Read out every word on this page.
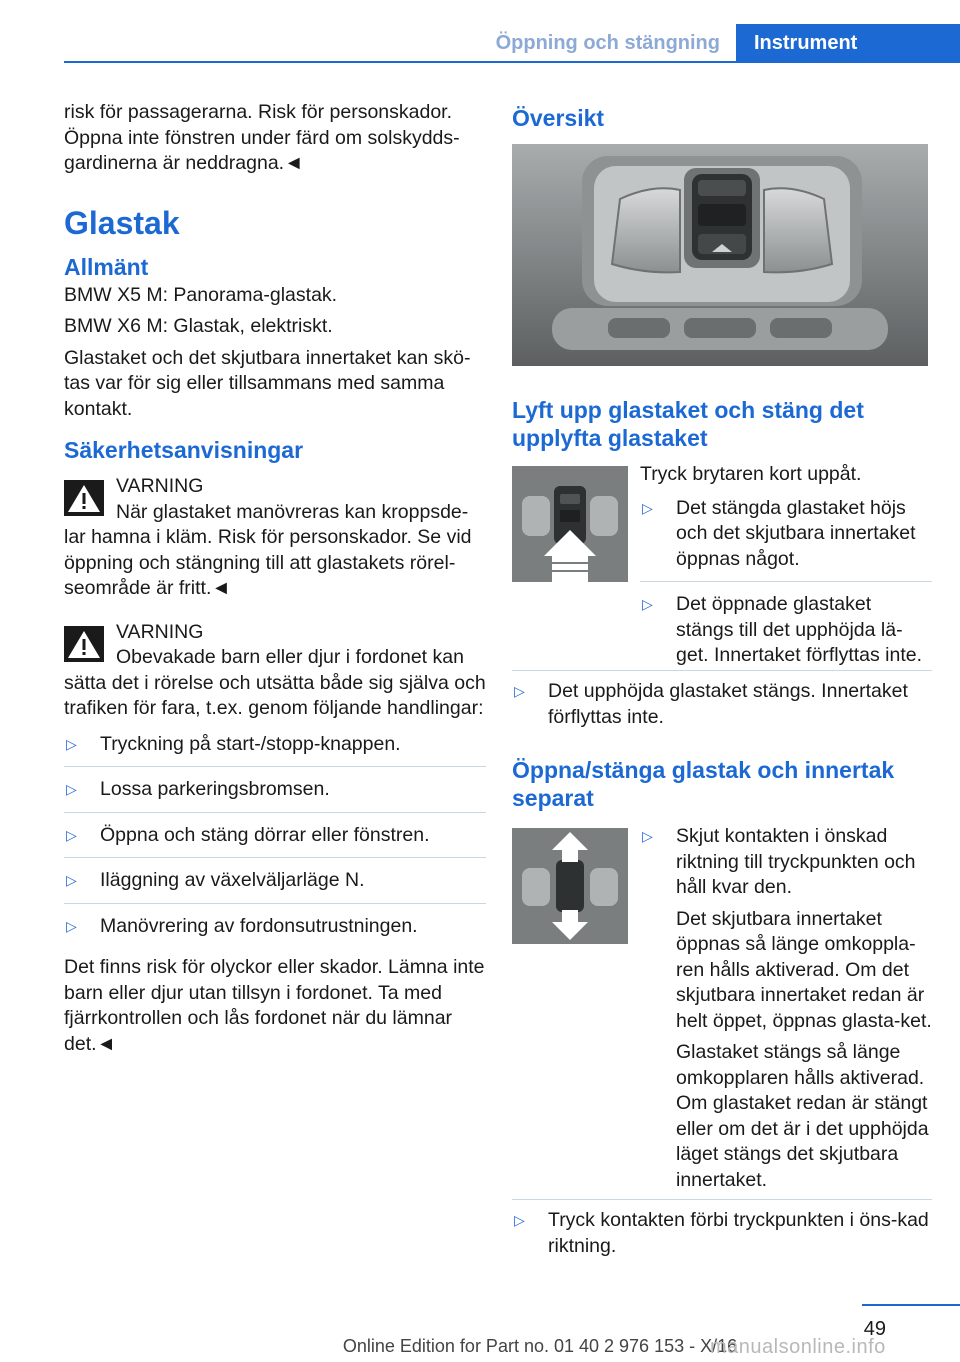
Öppning och stängning	Instrument

risk för passagerarna. Risk för personskador. Öppna inte fönstren under färd om solskydds-gardinerna är neddragna.◄

Glastak
Allmänt

BMW X5 M: Panorama-glastak.

BMW X6 M: Glastak, elektriskt.

Glastaket och det skjutbara innertaket kan skö-tas var för sig eller tillsammans med samma kontakt.

Säkerhetsanvisningar
VARNING

När glastaket manövreras kan kroppsde-lar hamna i kläm. Risk för personskador. Se vid öppning och stängning till att glastakets rörel-seområde är fritt.◄

VARNING

Obevakade barn eller djur i fordonet kan sätta det i rörelse och utsätta både sig själva och trafiken för fara, t.ex. genom följande handlingar:

▷ Tryckning på start-/stopp-knappen.
▷ Lossa parkeringsbromsen.
▷ Öppna och stäng dörrar eller fönstren.
▷ Iläggning av växelväljarläge N.
▷ Manövrering av fordonsutrustningen.

Det finns risk för olyckor eller skador. Lämna inte barn eller djur utan tillsyn i fordonet. Ta med fjärrkontrollen och lås fordonet när du lämnar det.◄

Översikt
Lyft upp glastaket och stäng det upplyfta glastaket

Tryck brytaren kort uppåt.

▷ Det stängda glastaket höjs och det skjutbara innertaket öppnas något.
▷ Det öppnade glastaket stängs till det upphöjda lä-get. Innertaket förflyttas inte.
▷ Det upphöjda glastaket stängs. Innertaket förflyttas inte.
Öppna/stänga glastak och innertak separat
▷ Skjut kontakten i önskad riktning till tryckpunkten och håll kvar den.

Det skjutbara innertaket öppnas så länge omkoppla-ren hålls aktiverad. Om det skjutbara innertaket redan är helt öppet, öppnas glasta-ket.

Glastaket stängs så länge omkopplaren hålls aktiverad. Om glastaket redan är stängt eller om det är i det upphöjda läget stängs det skjutbara innertaket.

▷ Tryck kontakten förbi tryckpunkten i öns-kad riktning.
49
Online Edition for Part no. 01 40 2 976 153 - X/16
manualsonline.info
